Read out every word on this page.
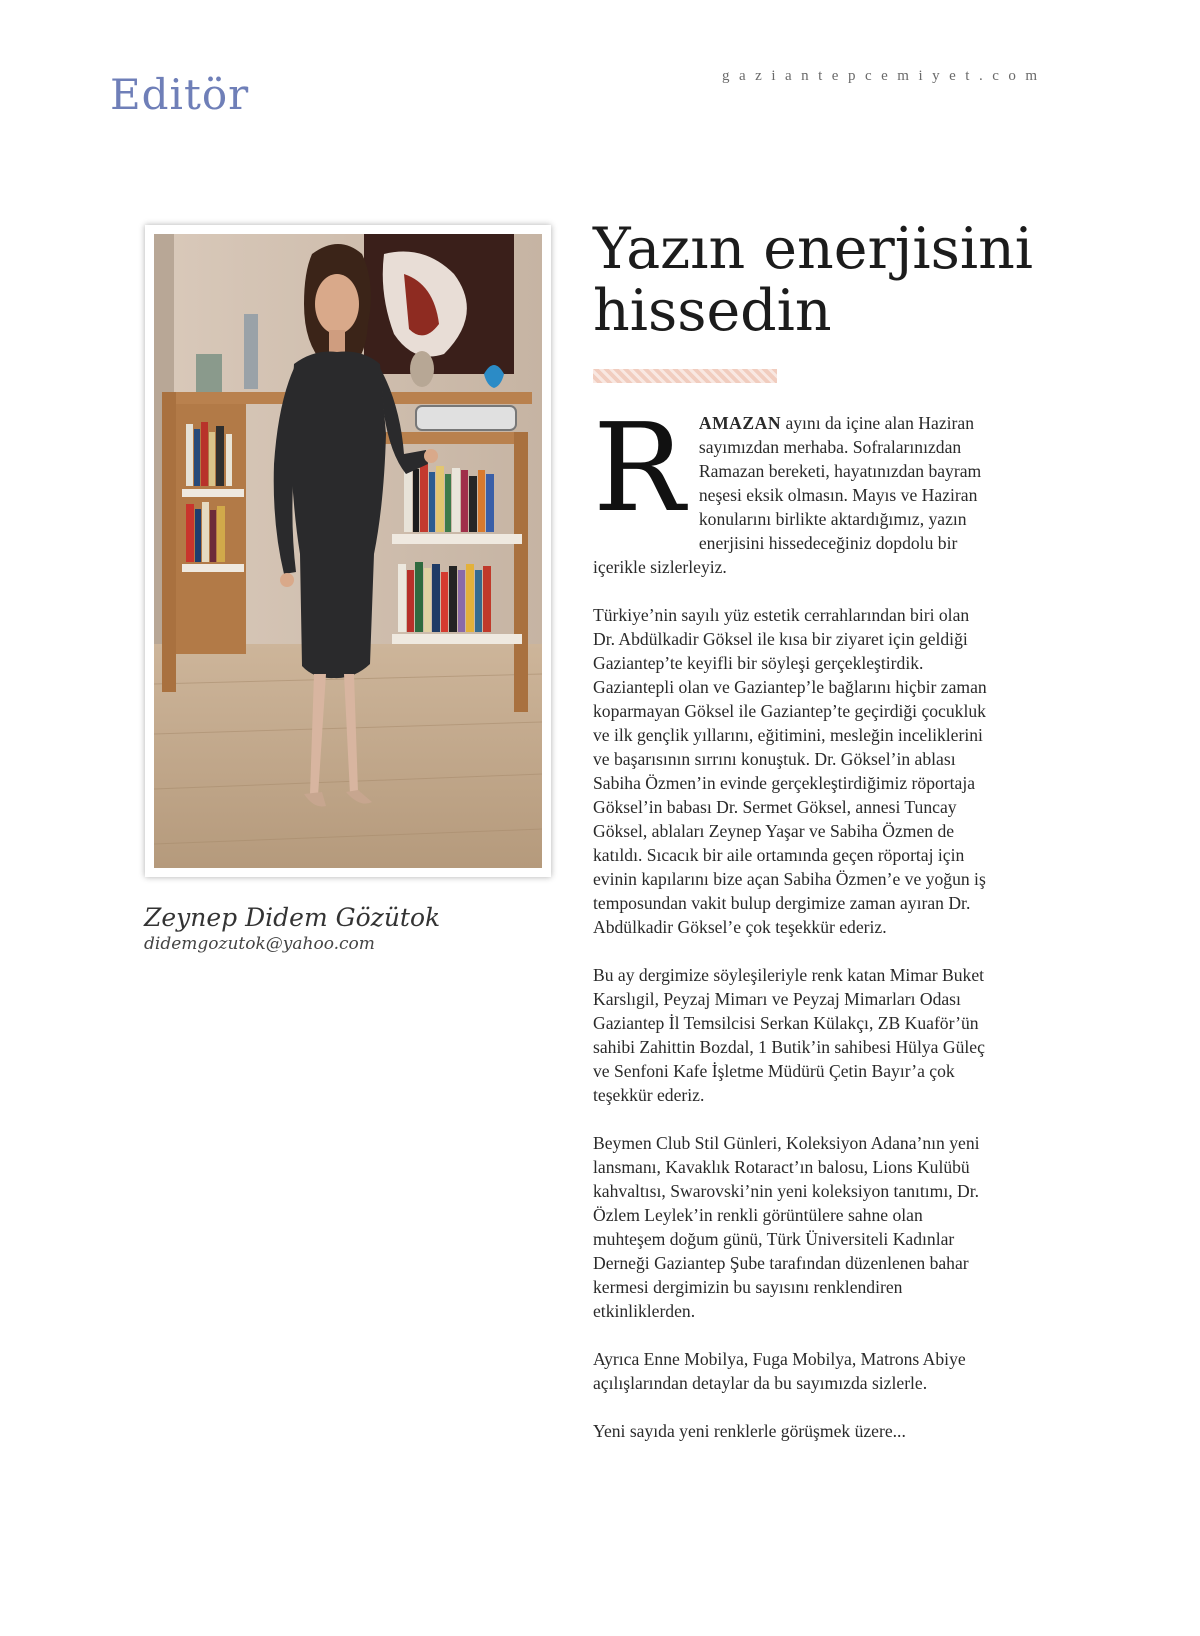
Editör	gaziantepcemiyet.com
Zeynep Didem Gözütok
didemgozutok@yahoo.com
Yazın enerjisini
hissedin

RAMAZAN ayını da içine alan Haziran sayımızdan merhaba. Sofralarınızdan Ramazan bereketi, hayatınızdan bayram neşesi eksik olmasın. Mayıs ve Haziran konularını birlikte aktardığımız, yazın enerjisini hissedeceğiniz dopdolu bir içerikle sizlerleyiz.

Türkiye’nin sayılı yüz estetik cerrahlarından biri olan Dr. Abdülkadir Göksel ile kısa bir ziyaret için geldiği Gaziantep’te keyifli bir söyleşi gerçekleştirdik. Gaziantepli olan ve Gaziantep’le bağlarını hiçbir zaman koparmayan Göksel ile Gaziantep’te geçirdiği çocukluk ve ilk gençlik yıllarını, eğitimini, mesleğin inceliklerini ve başarısının sırrını konuştuk. Dr. Göksel’in ablası Sabiha Özmen’in evinde gerçekleştirdiğimiz röportaja Göksel’in babası Dr. Sermet Göksel, annesi Tuncay Göksel, ablaları Zeynep Yaşar ve Sabiha Özmen de katıldı. Sıcacık bir aile ortamında geçen röportaj için evinin kapılarını bize açan Sabiha Özmen’e ve yoğun iş temposundan vakit bulup dergimize zaman ayıran Dr. Abdülkadir Göksel’e çok teşekkür ederiz.

Bu ay dergimize söyleşileriyle renk katan Mimar Buket Karslıgil, Peyzaj Mimarı ve Peyzaj Mimarları Odası Gaziantep İl Temsilcisi Serkan Külakçı, ZB Kuaför’ün sahibi Zahittin Bozdal, 1 Butik’in sahibesi Hülya Güleç ve Senfoni Kafe İşletme Müdürü Çetin Bayır’a çok teşekkür ederiz.

Beymen Club Stil Günleri, Koleksiyon Adana’nın yeni lansmanı, Kavaklık Rotaract’ın balosu, Lions Kulübü kahvaltısı, Swarovski’nin yeni koleksiyon tanıtımı, Dr. Özlem Leylek’in renkli görüntülere sahne olan muhteşem doğum günü, Türk Üniversiteli Kadınlar Derneği Gaziantep Şube tarafından düzenlenen bahar kermesi dergimizin bu sayısını renklendiren etkinliklerden.

Ayrıca Enne Mobilya, Fuga Mobilya, Matrons Abiye açılışlarından detaylar da bu sayımızda sizlerle.

Yeni sayıda yeni renklerle görüşmek üzere...
